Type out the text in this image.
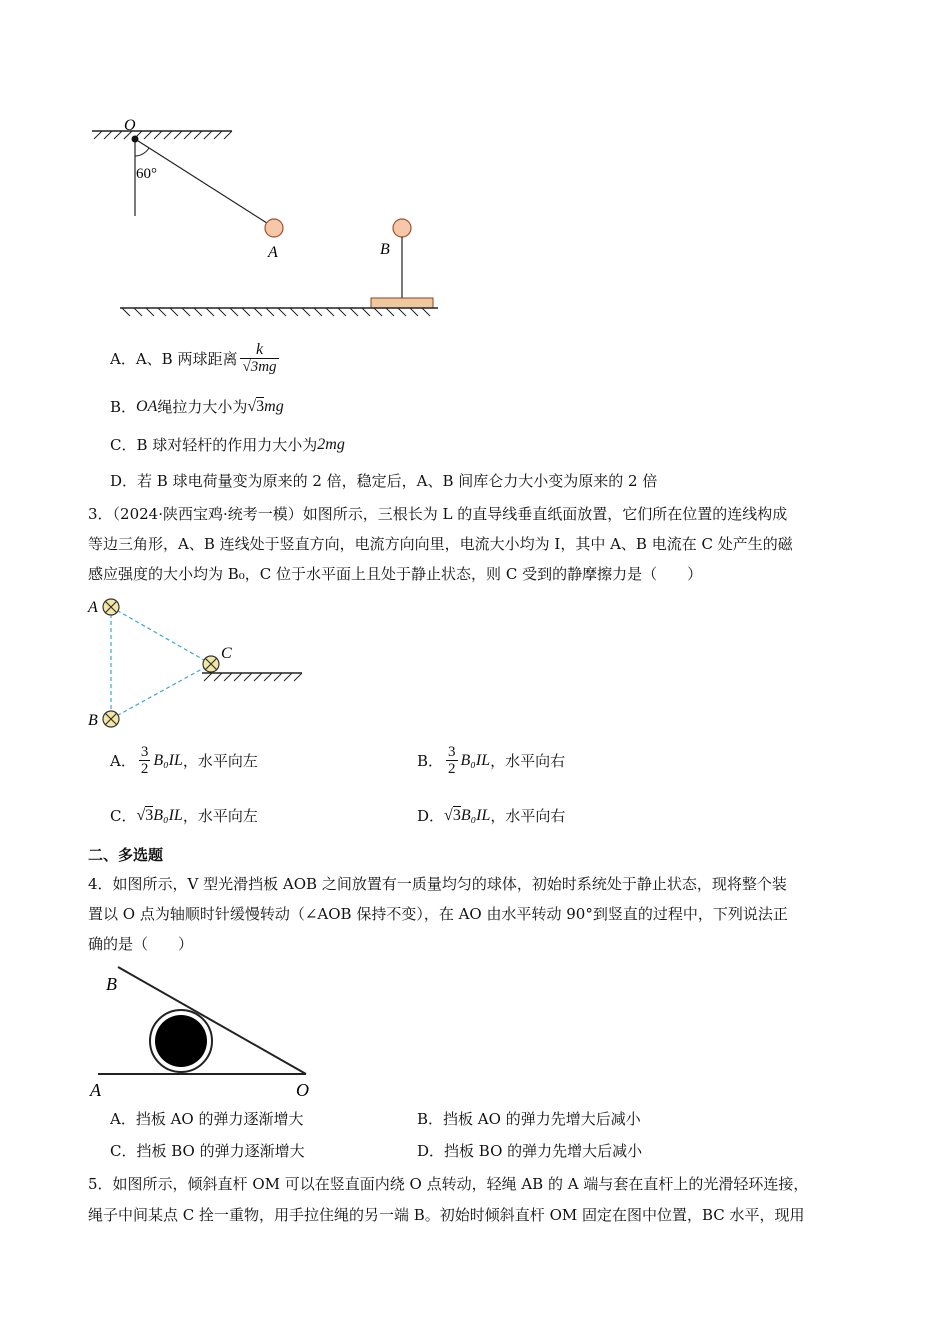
O
60°
A	B
A．A、B 两球距离 $\frac{k}{√3mg}$
B． OA 绳拉力大小为 √3 mg
C．B 球对轻杆的作用力大小为 2mg
D．若 B 球电荷量变为原来的 2 倍，稳定后，A、B 间库仑力大小变为原来的 2 倍
3．（2024·陕西宝鸡·统考一模）如图所示，三根长为 L 的直导线垂直纸面放置，它们所在位置的连线构成
等边三角形，A、B 连线处于竖直方向，电流方向向里，电流大小均为 I，其中 A、B 电流在 C 处产生的磁
感应强度的大小均为 B₀，C 位于水平面上且处于静止状态，则 C 受到的静摩擦力是（　　）
A
B
C
A． $\frac{3}{2} B_0IL$ ，水平向左	B． $\frac{3}{2} B_0IL$ ，水平向右
C． √3 B₀IL ，水平向左	D． √3 B₀IL ，水平向右
二、多选题
4．如图所示，V 型光滑挡板 AOB 之间放置有一质量均匀的球体，初始时系统处于静止状态，现将整个装
置以 O 点为轴顺时针缓慢转动（∠AOB 保持不变），在 AO 由水平转动 90°到竖直的过程中，下列说法正
确的是（　　）
B
A	O
A．挡板 AO 的弹力逐渐增大	B．挡板 AO 的弹力先增大后减小
C．挡板 BO 的弹力逐渐增大	D．挡板 BO 的弹力先增大后减小
5．如图所示，倾斜直杆 OM 可以在竖直面内绕 O 点转动，轻绳 AB 的 A 端与套在直杆上的光滑轻环连接，
绳子中间某点 C 拴一重物，用手拉住绳的另一端 B。初始时倾斜直杆 OM 固定在图中位置，BC 水平，现用
